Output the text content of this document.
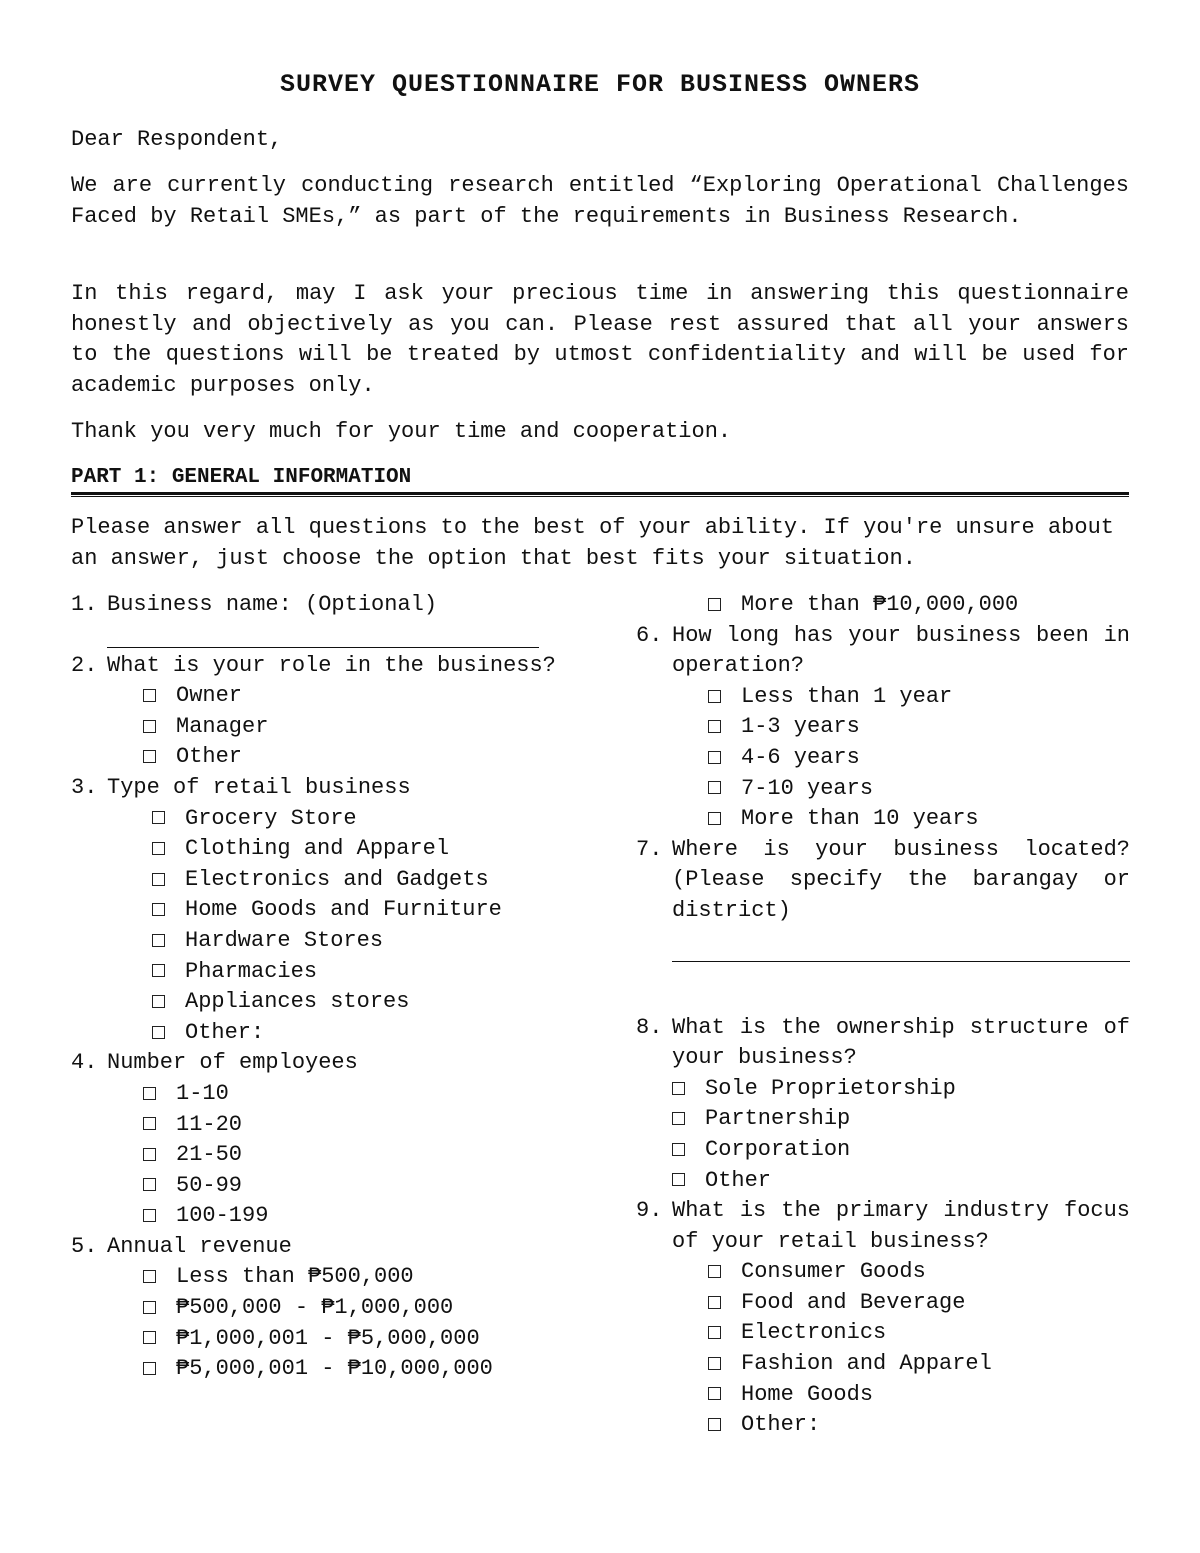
SURVEY QUESTIONNAIRE FOR BUSINESS OWNERS
Dear Respondent,
We are currently conducting research entitled “Exploring Operational Challenges Faced by Retail SMEs,” as part of the requirements in Business Research.
In this regard, may I ask your precious time in answering this questionnaire honestly and objectively as you can. Please rest assured that all your answers to the questions will be treated by utmost confidentiality and will be used for academic purposes only.
Thank you very much for your time and cooperation.
PART 1: GENERAL INFORMATION
Please answer all questions to the best of your ability. If you're unsure about an answer, just choose the option that best fits your situation.
1. Business name: (Optional)
2. What is your role in the business?
Owner
Manager
Other
3. Type of retail business
Grocery Store
Clothing and Apparel
Electronics and Gadgets
Home Goods and Furniture
Hardware Stores
Pharmacies
Appliances stores
Other:
4. Number of employees
1-10
11-20
21-50
50-99
100-199
5. Annual revenue
Less than ₱500,000
₱500,000 - ₱1,000,000
₱1,000,001 - ₱5,000,000
₱5,000,001 - ₱10,000,000
More than ₱10,000,000
6. How long has your business been in operation?
Less than 1 year
1-3 years
4-6 years
7-10 years
More than 10 years
7. Where is your business located? (Please specify the barangay or district)
8. What is the ownership structure of your business?
Sole Proprietorship
Partnership
Corporation
Other
9. What is the primary industry focus of your retail business?
Consumer Goods
Food and Beverage
Electronics
Fashion and Apparel
Home Goods
Other:
